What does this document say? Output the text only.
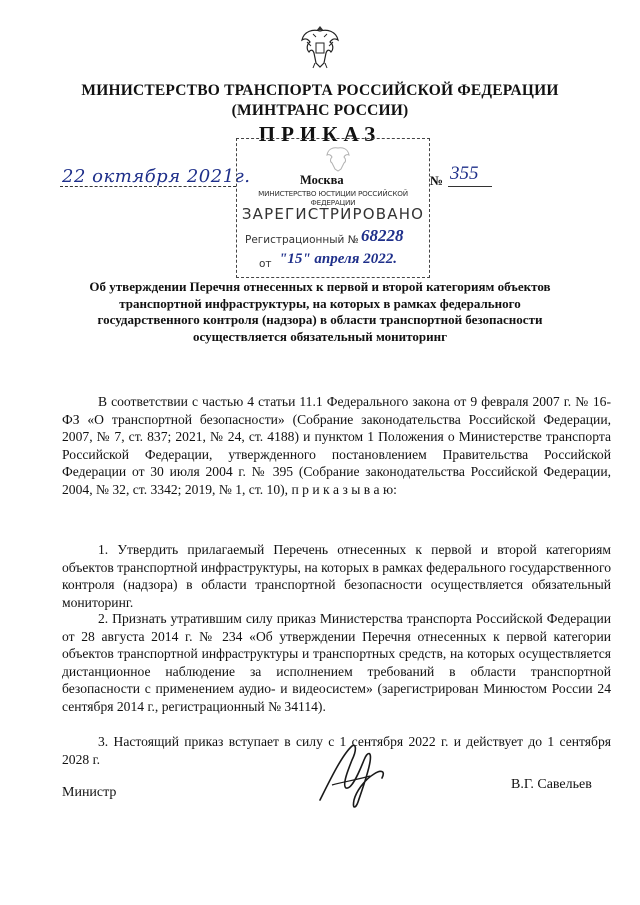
МИНИСТЕРСТВО ТРАНСПОРТА РОССИЙСКОЙ ФЕДЕРАЦИИ
(МИНТРАНС РОССИИ)
ПРИКАЗ
22 октября 2021г.	Москва	№ 355
МИНИСТЕРСТВО ЮСТИЦИИ РОССИЙСКОЙ ФЕДЕРАЦИИ
ЗАРЕГИСТРИРОВАНО
Регистрационный № 68228
от "15" апреля 2022.
Об утверждении Перечня отнесенных к первой и второй категориям объектов транспортной инфраструктуры, на которых в рамках федерального государственного контроля (надзора) в области транспортной безопасности осуществляется обязательный мониторинг
В соответствии с частью 4 статьи 11.1 Федерального закона от 9 февраля 2007 г. № 16-ФЗ «О транспортной безопасности» (Собрание законодательства Российской Федерации, 2007, № 7, ст. 837; 2021, № 24, ст. 4188) и пунктом 1 Положения о Министерстве транспорта Российской Федерации, утвержденного постановлением Правительства Российской Федерации от 30 июля 2004 г. № 395 (Собрание законодательства Российской Федерации, 2004, № 32, ст. 3342; 2019, № 1, ст. 10), п р и к а з ы в а ю:
1. Утвердить прилагаемый Перечень отнесенных к первой и второй категориям объектов транспортной инфраструктуры, на которых в рамках федерального государственного контроля (надзора) в области транспортной безопасности осуществляется обязательный мониторинг.
2. Признать утратившим силу приказ Министерства транспорта Российской Федерации от 28 августа 2014 г. № 234 «Об утверждении Перечня отнесенных к первой категории объектов транспортной инфраструктуры и транспортных средств, на которых осуществляется дистанционное наблюдение за исполнением требований в области транспортной безопасности с применением аудио- и видеосистем» (зарегистрирован Минюстом России 24 сентября 2014 г., регистрационный № 34114).
3. Настоящий приказ вступает в силу с 1 сентября 2022 г. и действует до 1 сентября 2028 г.
Министр
В.Г. Савельев
